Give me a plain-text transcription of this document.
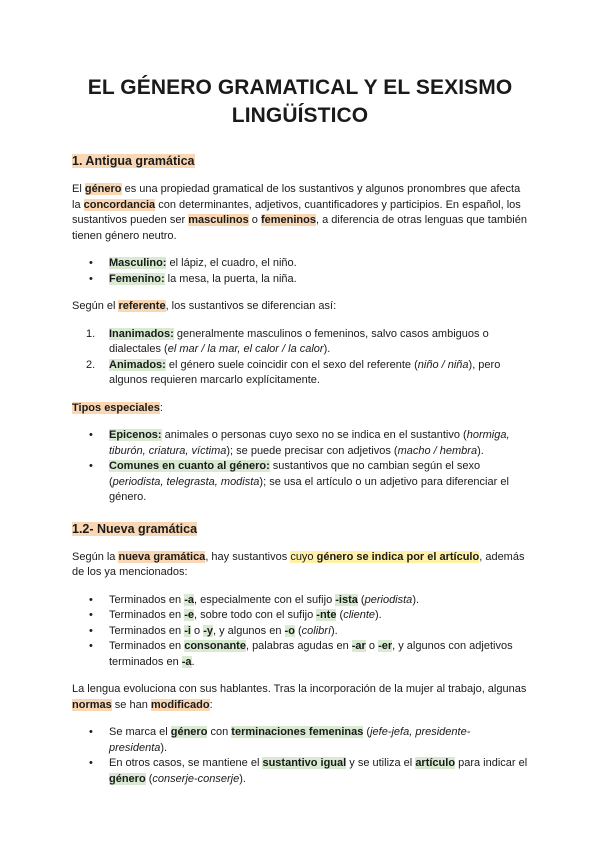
EL GÉNERO GRAMATICAL Y EL SEXISMO
LINGÜÍSTICO
1. Antigua gramática

El género es una propiedad gramatical de los sustantivos y algunos pronombres que afecta la concordancia con determinantes, adjetivos, cuantificadores y participios. En español, los sustantivos pueden ser masculinos o femeninos, a diferencia de otras lenguas que también tienen género neutro.

• Masculino: el lápiz, el cuadro, el niño.
• Femenino: la mesa, la puerta, la niña.

Según el referente, los sustantivos se diferencian así:

1. Inanimados: generalmente masculinos o femeninos, salvo casos ambiguos o dialectales (el mar / la mar, el calor / la calor).
2. Animados: el género suele coincidir con el sexo del referente (niño / niña), pero algunos requieren marcarlo explícitamente.

Tipos especiales:

• Epicenos: animales o personas cuyo sexo no se indica en el sustantivo (hormiga, tiburón, criatura, víctima); se puede precisar con adjetivos (macho / hembra).
• Comunes en cuanto al género: sustantivos que no cambian según el sexo (periodista, telegrasta, modista); se usa el artículo o un adjetivo para diferenciar el género.
1.2- Nueva gramática

Según la nueva gramática, hay sustantivos cuyo género se indica por el artículo, además de los ya mencionados:

• Terminados en -a, especialmente con el sufijo -ista (periodista).
• Terminados en -e, sobre todo con el sufijo -nte (cliente).
• Terminados en -i o -y, y algunos en -o (colibrí).
• Terminados en consonante, palabras agudas en -ar o -er, y algunos con adjetivos terminados en -a.

La lengua evoluciona con sus hablantes. Tras la incorporación de la mujer al trabajo, algunas normas se han modificado:

• Se marca el género con terminaciones femeninas (jefe-jefa, presidente-presidenta).
• En otros casos, se mantiene el sustantivo igual y se utiliza el artículo para indicar el género (conserje-conserje).
